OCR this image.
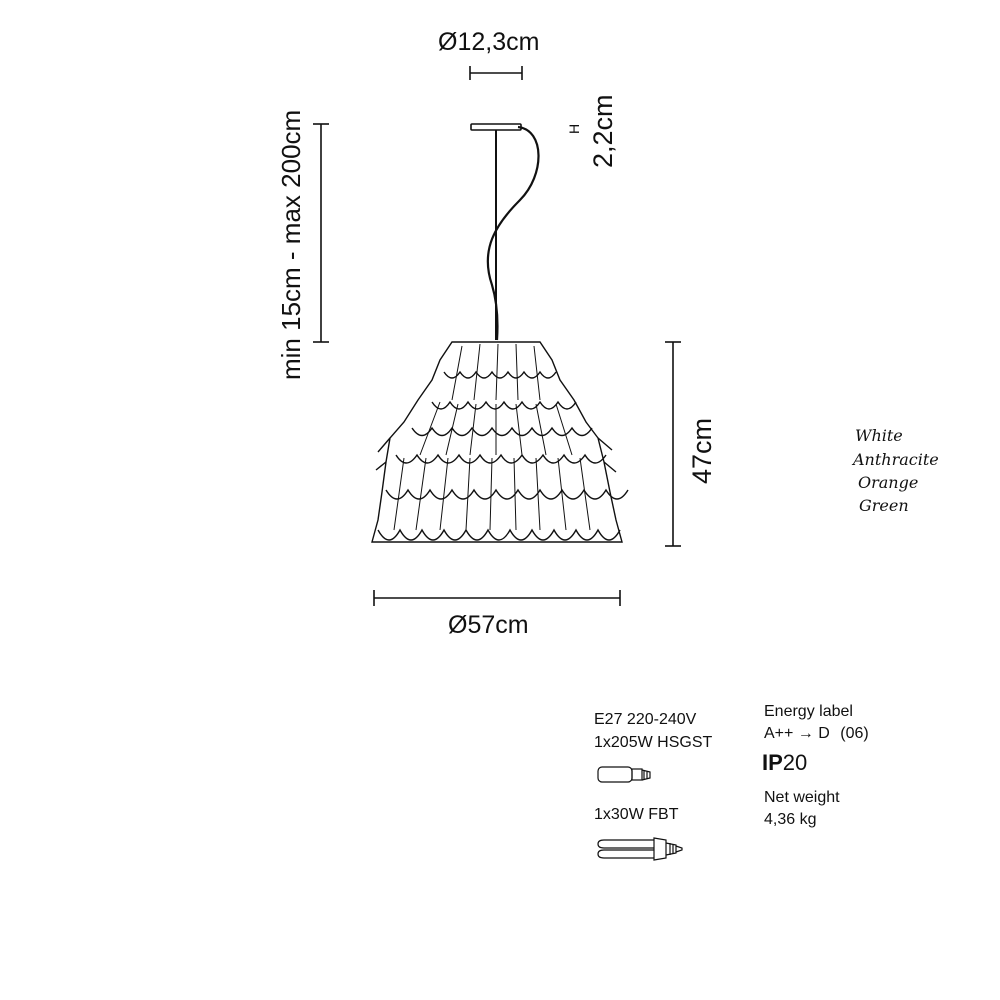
Ø12,3cm
H 2,2cm
min 15cm - max 200cm
47cm
Ø57cm
White
Anthracite
Orange
Green
E27 220-240V
1x205W HSGST
1x30W FBT
Energy label
A++ → D (06)
IP20
Net weight
4,36 kg
